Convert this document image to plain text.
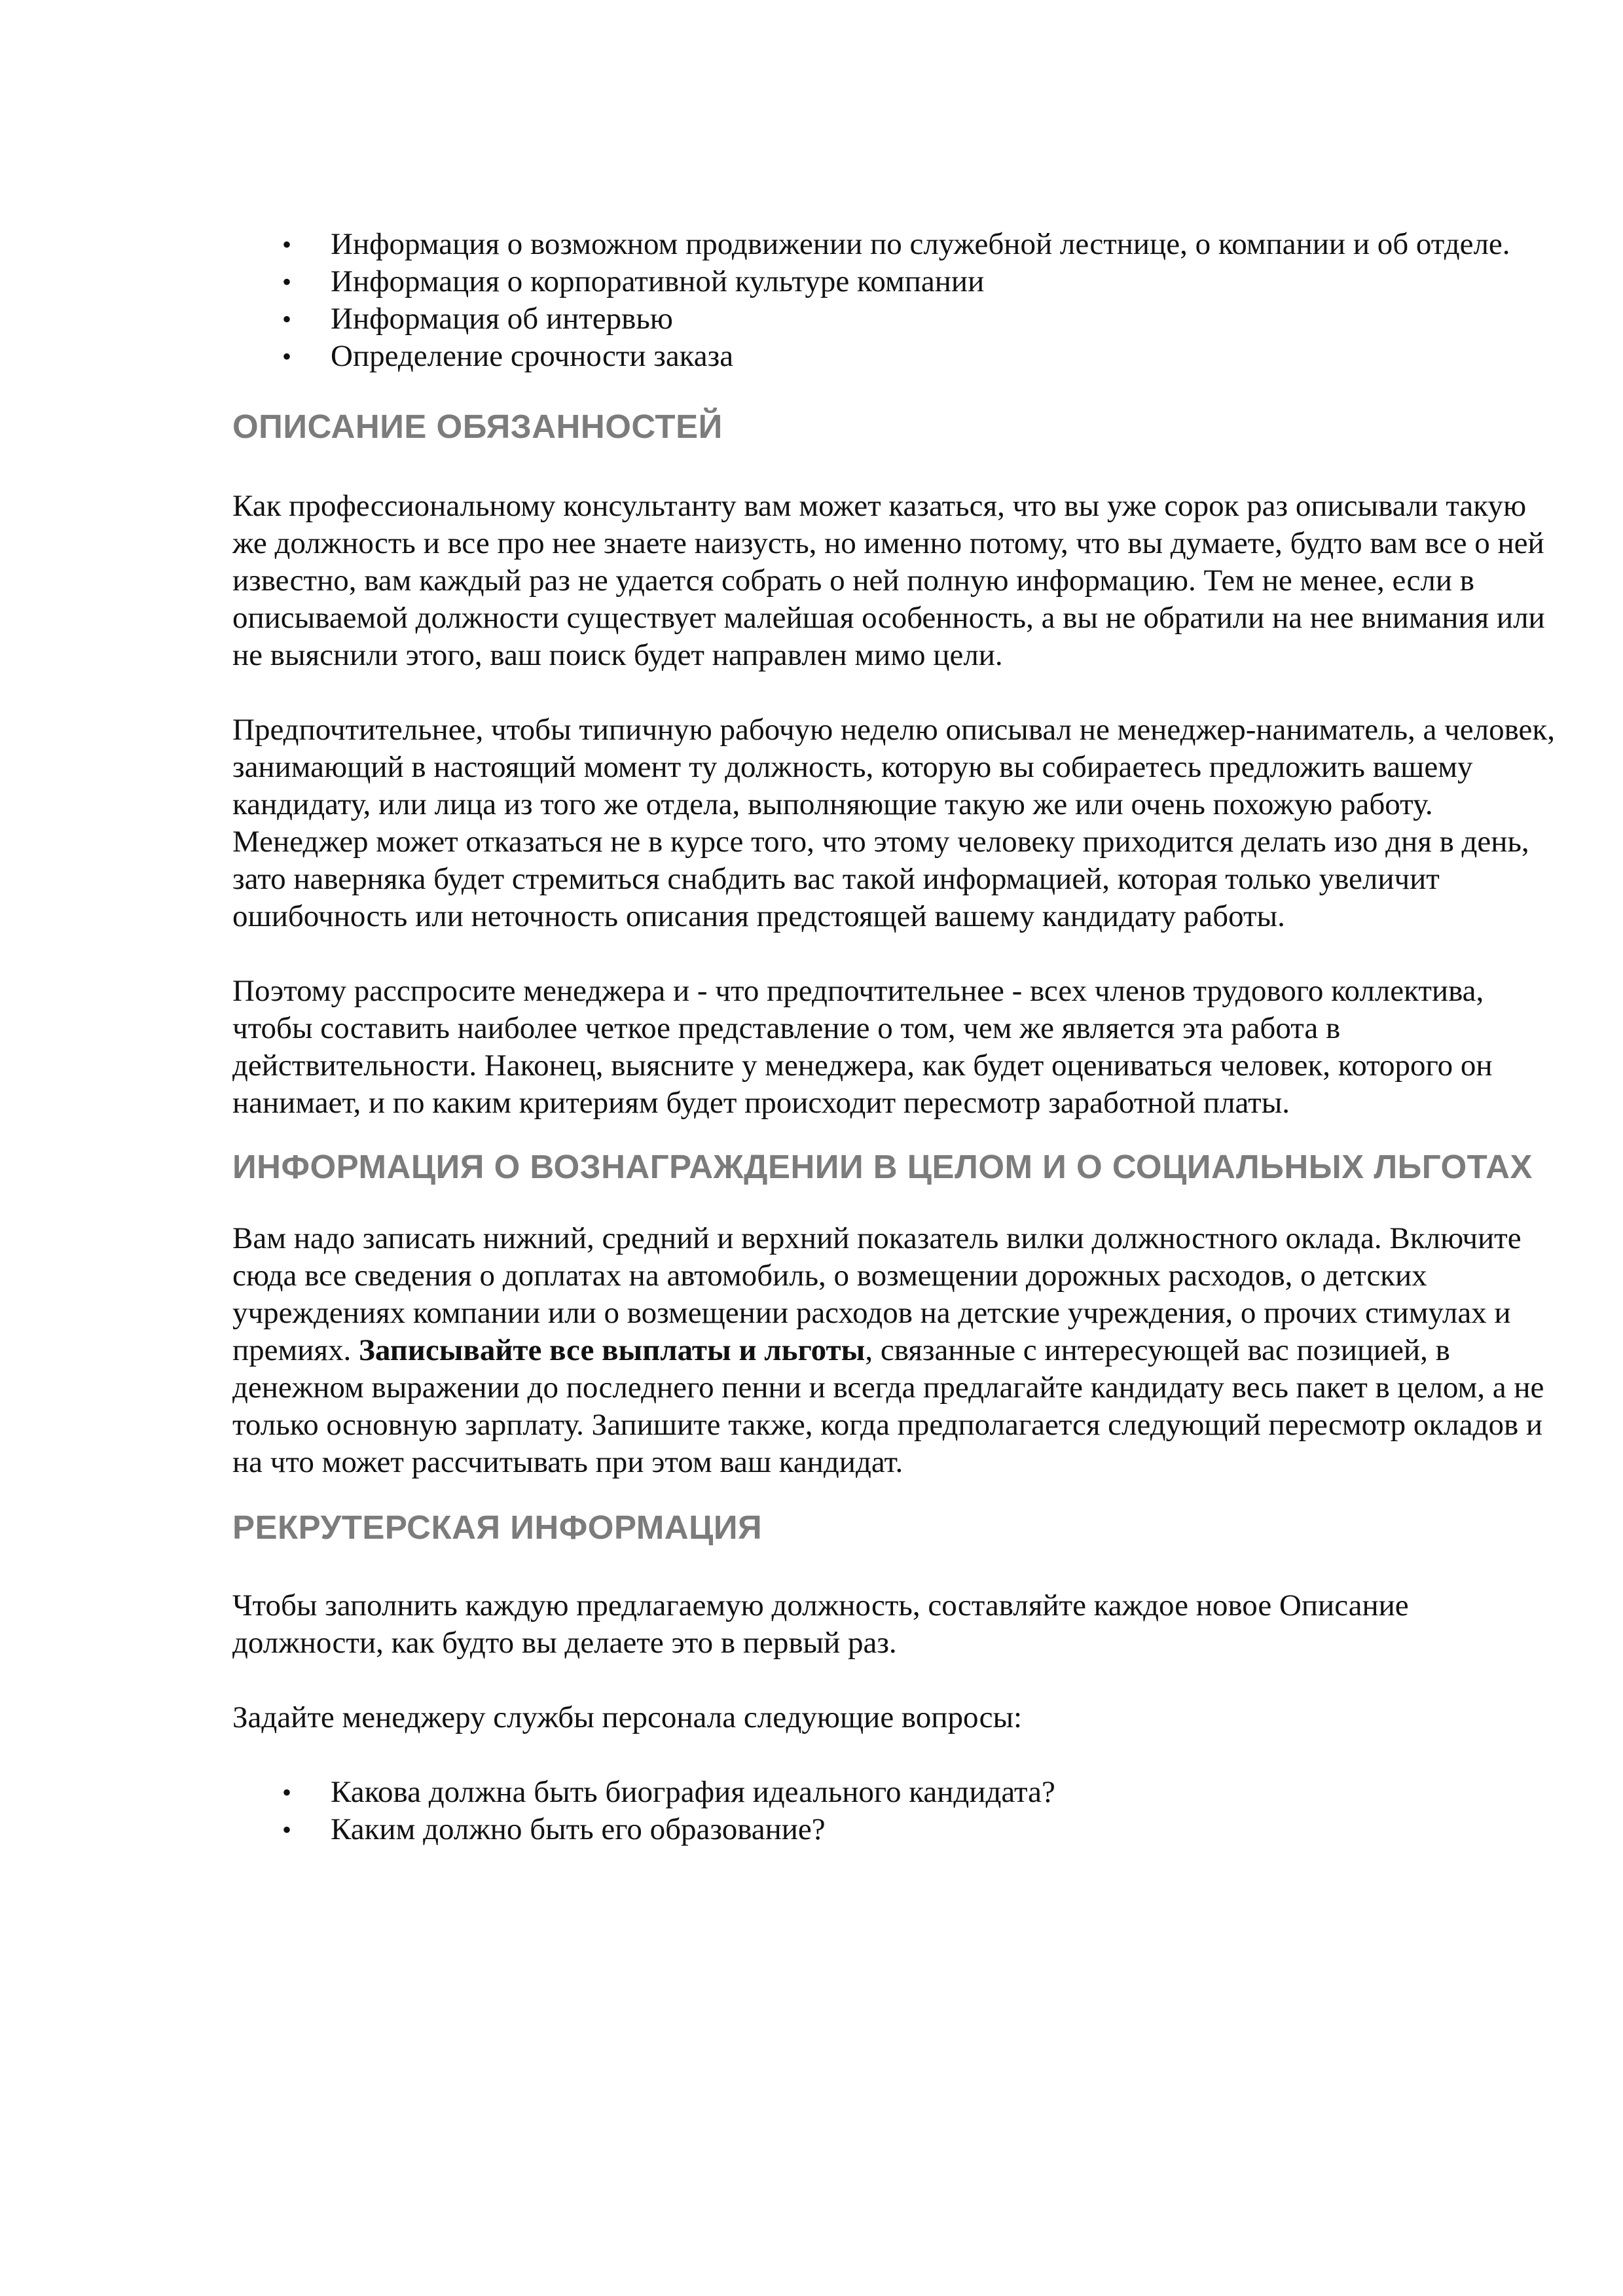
• Информация о возможном продвижении по служебной лестнице, о компании и об отделе.
• Информация о корпоративной культуре компании
• Информация об интервью
• Определение срочности заказа
ОПИСАНИЕ ОБЯЗАННОСТЕЙ

Как профессиональному консультанту вам может казаться, что вы уже сорок раз описывали такую же должность и все про нее знаете наизусть, но именно потому, что вы думаете, будто вам все о ней известно, вам каждый раз не удается собрать о ней полную информацию. Тем не менее, если в описываемой должности существует малейшая особенность, а вы не обратили на нее внимания или не выяснили этого, ваш поиск будет направлен мимо цели.

Предпочтительнее, чтобы типичную рабочую неделю описывал не менеджер-наниматель, а человек, занимающий в настоящий момент ту должность, которую вы собираетесь предложить вашему кандидату, или лица из того же отдела, выполняющие такую же или очень похожую работу. Менеджер может отказаться не в курсе того, что этому человеку приходится делать изо дня в день, зато наверняка будет стремиться снабдить вас такой информацией, которая только увеличит ошибочность или неточность описания предстоящей вашему кандидату работы.

Поэтому расспросите менеджера и - что предпочтительнее - всех членов трудового коллектива, чтобы составить наиболее четкое представление о том, чем же является эта работа в действительности. Наконец, выясните у менеджера, как будет оцениваться человек, которого он нанимает, и по каким критериям будет происходит пересмотр заработной платы.

ИНФОРМАЦИЯ О ВОЗНАГРАЖДЕНИИ В ЦЕЛОМ И О СОЦИАЛЬНЫХ ЛЬГОТАХ

Вам надо записать нижний, средний и верхний показатель вилки должностного оклада. Включите сюда все сведения о доплатах на автомобиль, о возмещении дорожных расходов, о детских учреждениях компании или о возмещении расходов на детские учреждения, о прочих стимулах и премиях. Записывайте все выплаты и льготы, связанные с интересующей вас позицией, в денежном выражении до последнего пенни и всегда предлагайте кандидату весь пакет в целом, а не только основную зарплату. Запишите также, когда предполагается следующий пересмотр окладов и на что может рассчитывать при этом ваш кандидат.

РЕКРУТЕРСКАЯ ИНФОРМАЦИЯ

Чтобы заполнить каждую предлагаемую должность, составляйте каждое новое Описание должности, как будто вы делаете это в первый раз.

Задайте менеджеру службы персонала следующие вопросы:

• Какова должна быть биография идеального кандидата?
• Каким должно быть его образование?
